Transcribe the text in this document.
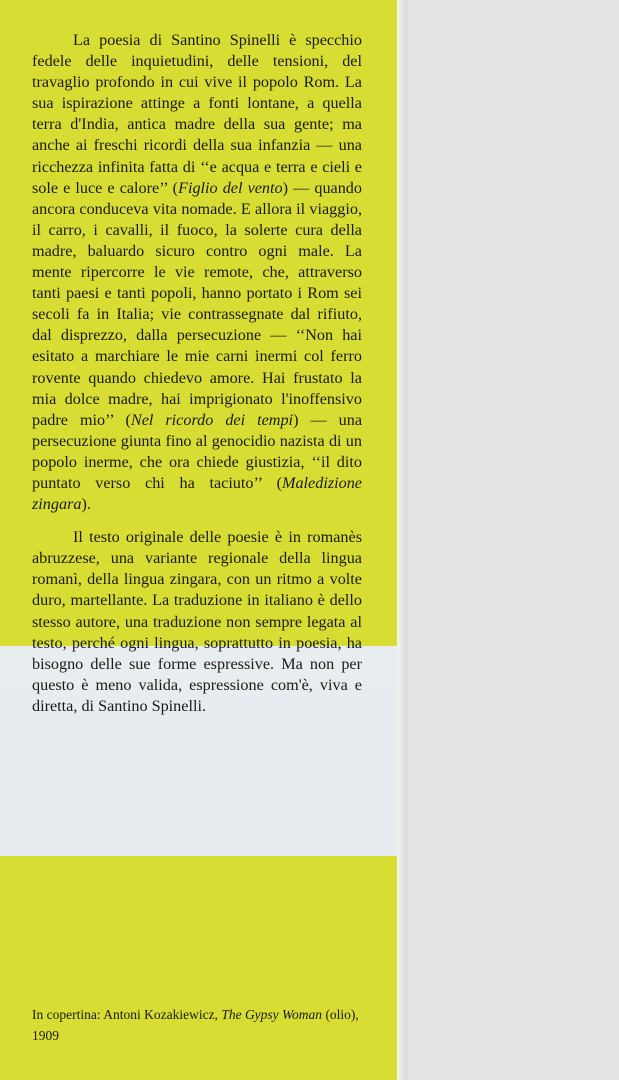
La poesia di Santino Spinelli è specchio fedele delle inquietudini, delle tensioni, del travaglio profondo in cui vive il popolo Rom. La sua ispirazione attinge a fonti lontane, a quella terra d'India, antica madre della sua gente; ma anche ai freschi ricordi della sua infanzia — una ricchezza infinita fatta di ‘‘e acqua e terra e cieli e sole e luce e calore’’ (Figlio del vento) — quando ancora conduceva vita nomade. E allora il viaggio, il carro, i cavalli, il fuoco, la solerte cura della madre, baluardo sicuro contro ogni male. La mente ripercorre le vie remote, che, attraverso tanti paesi e tanti popoli, hanno portato i Rom sei secoli fa in Italia; vie contrassegnate dal rifiuto, dal disprezzo, dalla persecuzione — ‘‘Non hai esitato a marchiare le mie carni inermi col ferro rovente quando chiedevo amore. Hai frustato la mia dolce madre, hai imprigionato l'inoffensivo padre mio’’ (Nel ricordo dei tempi) — una persecuzione giunta fino al genocidio nazista di un popolo inerme, che ora chiede giustizia, ‘‘il dito puntato verso chi ha taciuto’’ (Maledizione zingara).

Il testo originale delle poesie è in romanès abruzzese, una variante regionale della lingua romanì, della lingua zingara, con un ritmo a volte duro, martellante. La traduzione in italiano è dello stesso autore, una traduzione non sempre legata al testo, perché ogni lingua, soprattutto in poesia, ha bisogno delle sue forme espressive. Ma non per questo è meno valida, espressione com'è, viva e diretta, di Santino Spinelli.

In copertina: Antoni Kozakiewicz, The Gypsy Woman (olio), 1909
